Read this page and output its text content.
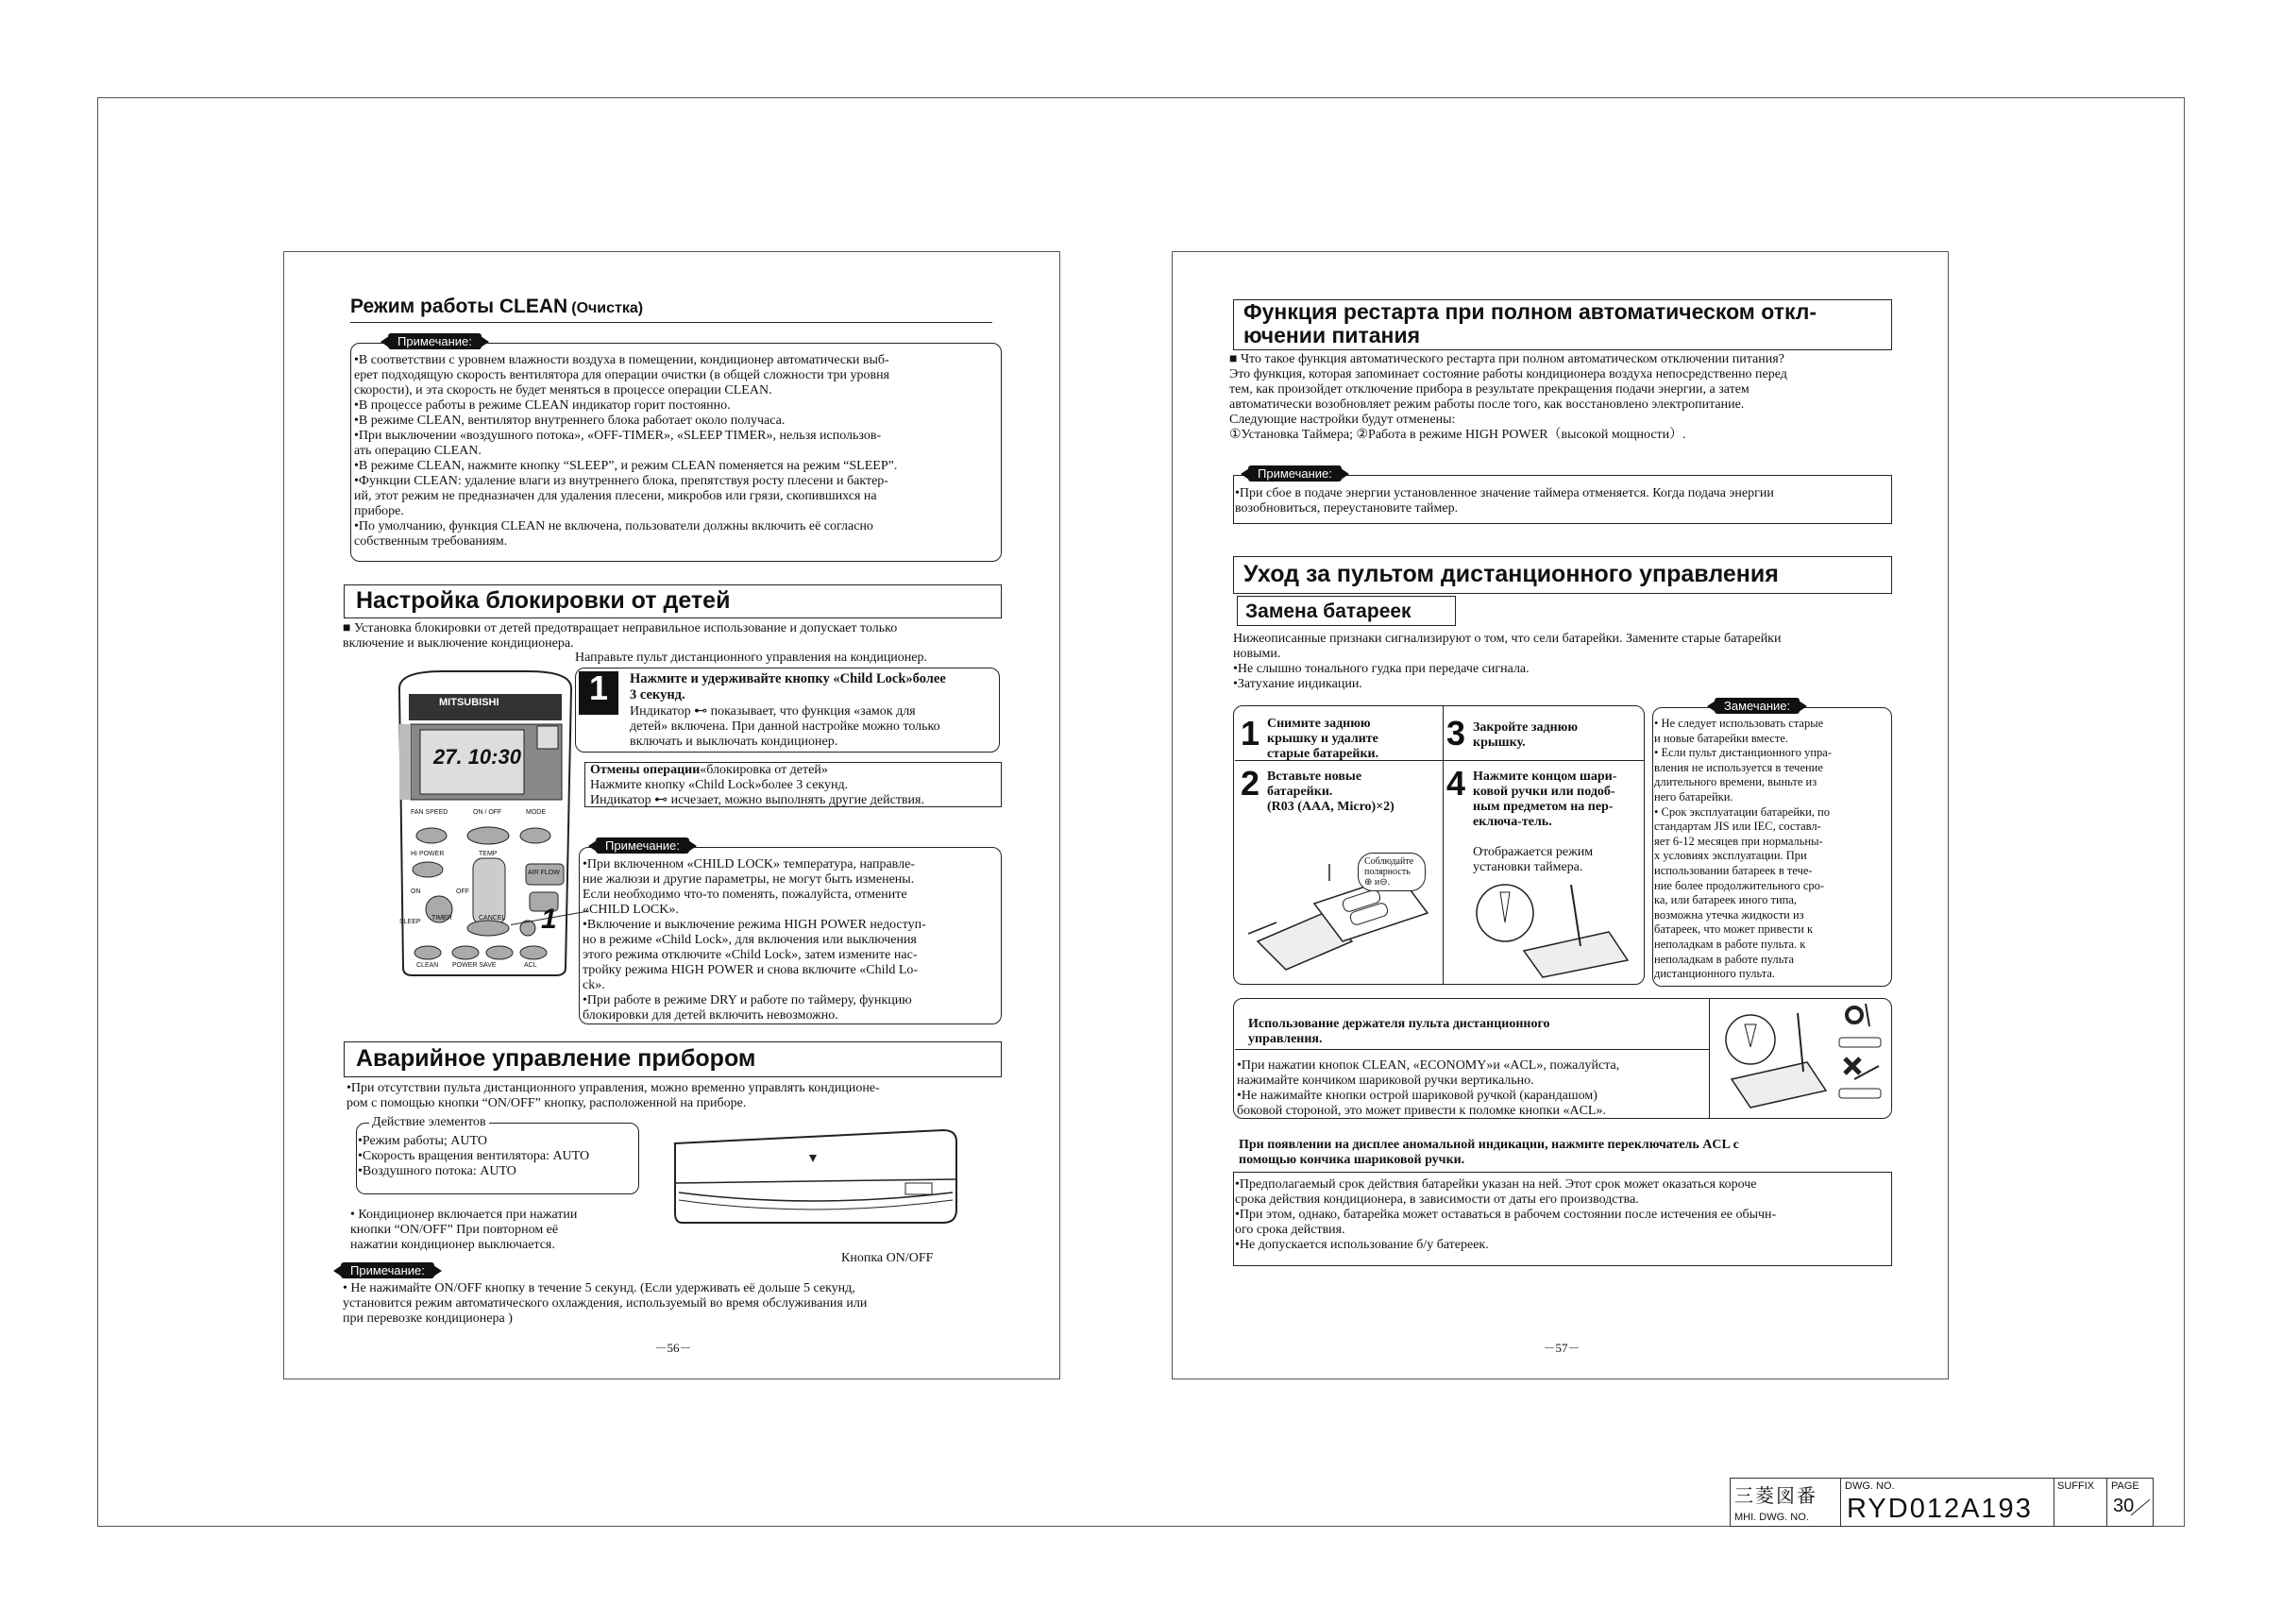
Режим работы CLEAN (Очистка)
Примечание:
•В соответствии с уровнем влажности воздуха в помещении, кондиционер автоматически выб-
ерет подходящую скорость вентилятора для операции очистки (в общей сложности три уровня
скорости), и эта скорость не будет меняться в процессе операции CLEAN.
•В процессе работы в режиме CLEAN индикатор горит постоянно.
•В режиме CLEAN, вентилятор внутреннего блока работает около получаса.
•При выключении «воздушного потока», «OFF-TIMER», «SLEEP TIMER», нельзя использов-
ать операцию CLEAN.
•В режиме CLEAN, нажмите кнопку “SLEEP”, и режим CLEAN поменяется на режим “SLEEP”.
•Функции CLEAN: удаление влаги из внутреннего блока, препятствуя росту плесени и бактер-
ий, этот режим не предназначен для удаления плесени, микробов или грязи, скопившихся на
приборе.
•По умолчанию, функция CLEAN не включена, пользователи должны включить её согласно
собственным требованиям.
Настройка блокировки от детей
■ Установка блокировки от детей предотвращает неправильное использование и допускает только
включение и выключение кондиционера.
Направьте пульт дистанционного управления на кондиционер.
MITSUBISHI
27. 10:30
FAN SPEED	ON / OFF	MODE
HI POWER	TEMP
AIR FLOW
ON	OFF
TIMER
SLEEP
CANCEL
CLEAN POWER SAVE	ACL
1
1	Нажмите и удерживайте кнопку «Child Lock»более
3 секунд.
Индикатор ⊷ показывает, что функция «замок для
детей» включена. При данной настройке можно только
включать и выключать кондиционер.
Отмены операции«блокировка от детей»
Нажмите кнопку «Child Lock»более 3 секунд.
Индикатор ⊷ исчезает, можно выполнять другие действия.
Примечание:
•При включенном «CHILD LOCK» температура, направле-
ние жалюзи и другие параметры, не могут быть изменены.
Если необходимо что-то поменять, пожалуйста, отмените
«CHILD LOCK».
•Включение и выключение режима HIGH POWER недоступ-
но в режиме «Child Lock», для включения или выключения
этого режима отключите «Child Lock», затем измените нас-
тройку режима HIGH POWER и снова включите «Child Lo-
ck».
•При работе в режиме DRY и работе по таймеру, функцию
блокировки для детей включить невозможно.
Аварийное управление прибором
•При отсутствии пульта дистанционного управления, можно временно управлять кондиционе-
ром с помощью кнопки “ON/OFF” кнопку, расположенной на приборе.
Действие элементов
•Режим работы; AUTO
•Скорость вращения вентилятора: AUTO
•Воздушного потока: AUTO
• Кондиционер включается при нажатии
кнопки “ON/OFF” При повторном её
нажатии кондиционер выключается.
Кнопка ON/OFF
Примечание:
• Не нажимайте ON/OFF кнопку в течение 5 секунд. (Если удерживать её дольше 5 секунд,
установится режим автоматического охлаждения, используемый во время обслуживания или
при перевозке кондиционера )
－56－
Функция рестарта при полном автоматическом откл-
ючении питания
■ Что такое функция автоматического рестарта при полном автоматическом отключении питания?
Это функция, которая запоминает состояние работы кондиционера воздуха непосредственно перед
тем, как произойдет отключение прибора в результате прекращения подачи энергии, а затем
автоматически возобновляет режим работы после того, как восстановлено электропитание.
Следующие настройки будут отменены:
①Установка Таймера; ②Работа в режиме HIGH POWER（высокой мощности）.
Примечание:
•При сбое в подаче энергии установленное значение таймера отменяется. Когда подача энергии
возобновиться, переустановите таймер.
Уход за пультом дистанционного управления
Замена батареек
Нижеописанные признаки сигнализируют о том, что сели батарейки. Замените старые батарейки
новыми.
•Не слышно тонального гудка при передаче сигнала.
•Затухание индикации.
1 Снимите заднюю
крышку и удалите
старые батарейки.
2 Вставьте новые
батарейки.
(R03 (AAA, Micro)×2)
3 Закройте заднюю
крышку.
4 Нажмите концом шари-
ковой ручки или подоб-
ным предметом на пер-
еключа-тель.
Отображается режим
установки таймера.
Соблюдайте
полярность
⊕ и⊖.
Замечание:
• Не следует использовать старые
и новые батарейки вместе.
• Если пульт дистанционного упра-
вления не используется в течение
длительного времени, выньте из
него батарейки.
• Срок эксплуатации батарейки, по
стандартам JIS или IEC, составл-
яет 6-12 месяцев при нормальны-
х условиях эксплуатации. При
использовании батареек в тече-
ние более продолжительного сро-
ка, или батареек иного типа,
возможна утечка жидкости из
батареек, что может привести к
неполадкам в работе пульта. к
неполадкам в работе пульта
дистанционного пульта.
Использование держателя пульта дистанционного
управления.
•При нажатии кнопок CLEAN, «ECONOMY»и «ACL», пожалуйста,
нажимайте кончиком шариковой ручки вертикально.
•Не нажимайте кнопки острой шариковой ручкой (карандашом)
боковой стороной, это может привести к поломке кнопки «ACL».
При появлении на дисплее аномальной индикации, нажмите переключатель ACL с
помощью кончика шариковой ручки.
•Предполагаемый срок действия батарейки указан на ней. Этот срок может оказаться короче
срока действия кондиционера, в зависимости от даты его производства.
•При этом, однако, батарейка может оставаться в рабочем состоянии после истечения ее обычн-
ого срока действия.
•Не допускается использование б/у батерeек.
－57－
三菱図番
MHI. DWG. NO.
DWG. NO.
RYD012A193
SUFFIX PAGE
30
